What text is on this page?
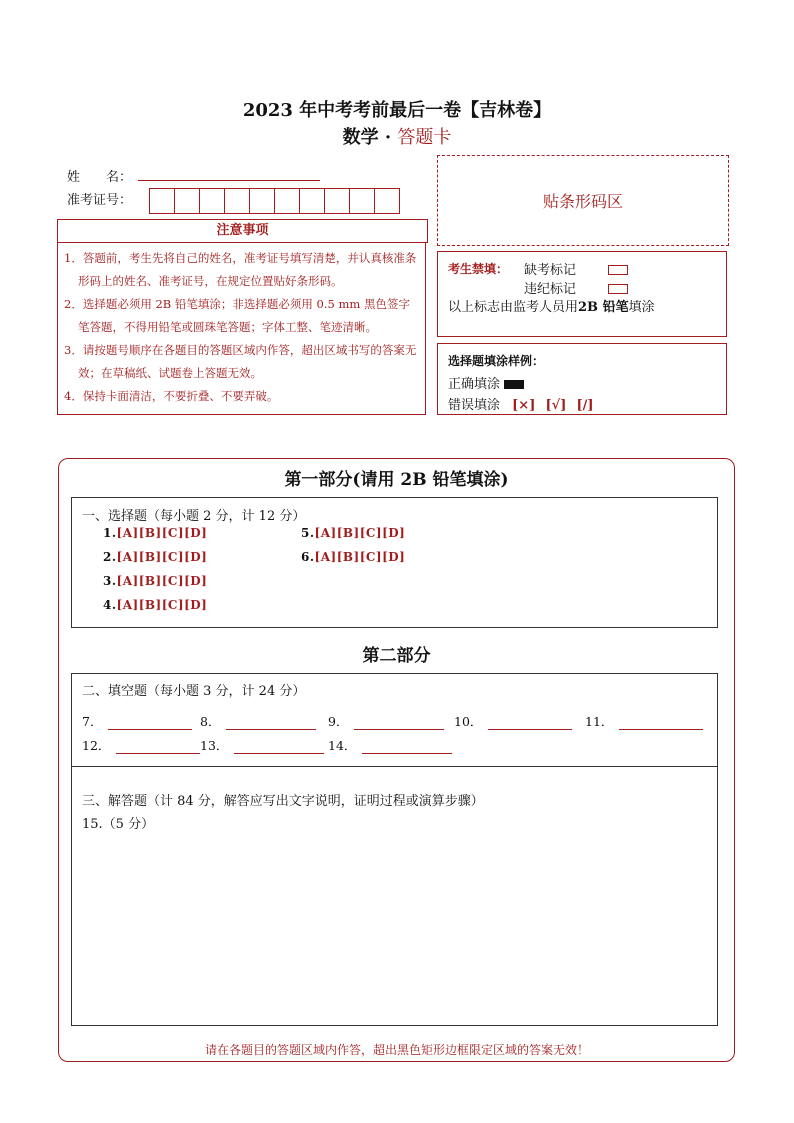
2023 年中考考前最后一卷【吉林卷】
数学 · 答题卡
姓　　名：
准考证号：	贴条形码区
注意事项

1．答题前，考生先将自己的姓名，准考证号填写清楚，并认真核准条形码上的姓名、准考证号，在规定位置贴好条形码。

2．选择题必须用 2B 铅笔填涂；非选择题必须用 0.5 mm 黑色签字笔答题，不得用铅笔或圆珠笔答题；字体工整、笔迹清晰。

3．请按题号顺序在各题目的答题区域内作答，超出区域书写的答案无效；在草稿纸、试题卷上答题无效。

4．保持卡面清洁，不要折叠、不要弄破。

考生禁填： 缺考标记
违纪标记
以上标志由监考人员用2B 铅笔填涂
选择题填涂样例：
正确填涂
错误填涂 [×] [√] [/]
第一部分(请用 2B 铅笔填涂)
一、选择题（每小题 2 分，计 12 分）
1.[A][B][C][D]
2.[A][B][C][D]
3.[A][B][C][D]
4.[A][B][C][D]
5.[A][B][C][D]
6.[A][B][C][D]
第二部分
二、填空题（每小题 3 分，计 24 分）
7．	8．	9．	10．	11．
12．	13．	14．
三、解答题（计 84 分，解答应写出文字说明，证明过程或演算步骤）
15.（5 分）
请在各题目的答题区域内作答，超出黑色矩形边框限定区域的答案无效！
